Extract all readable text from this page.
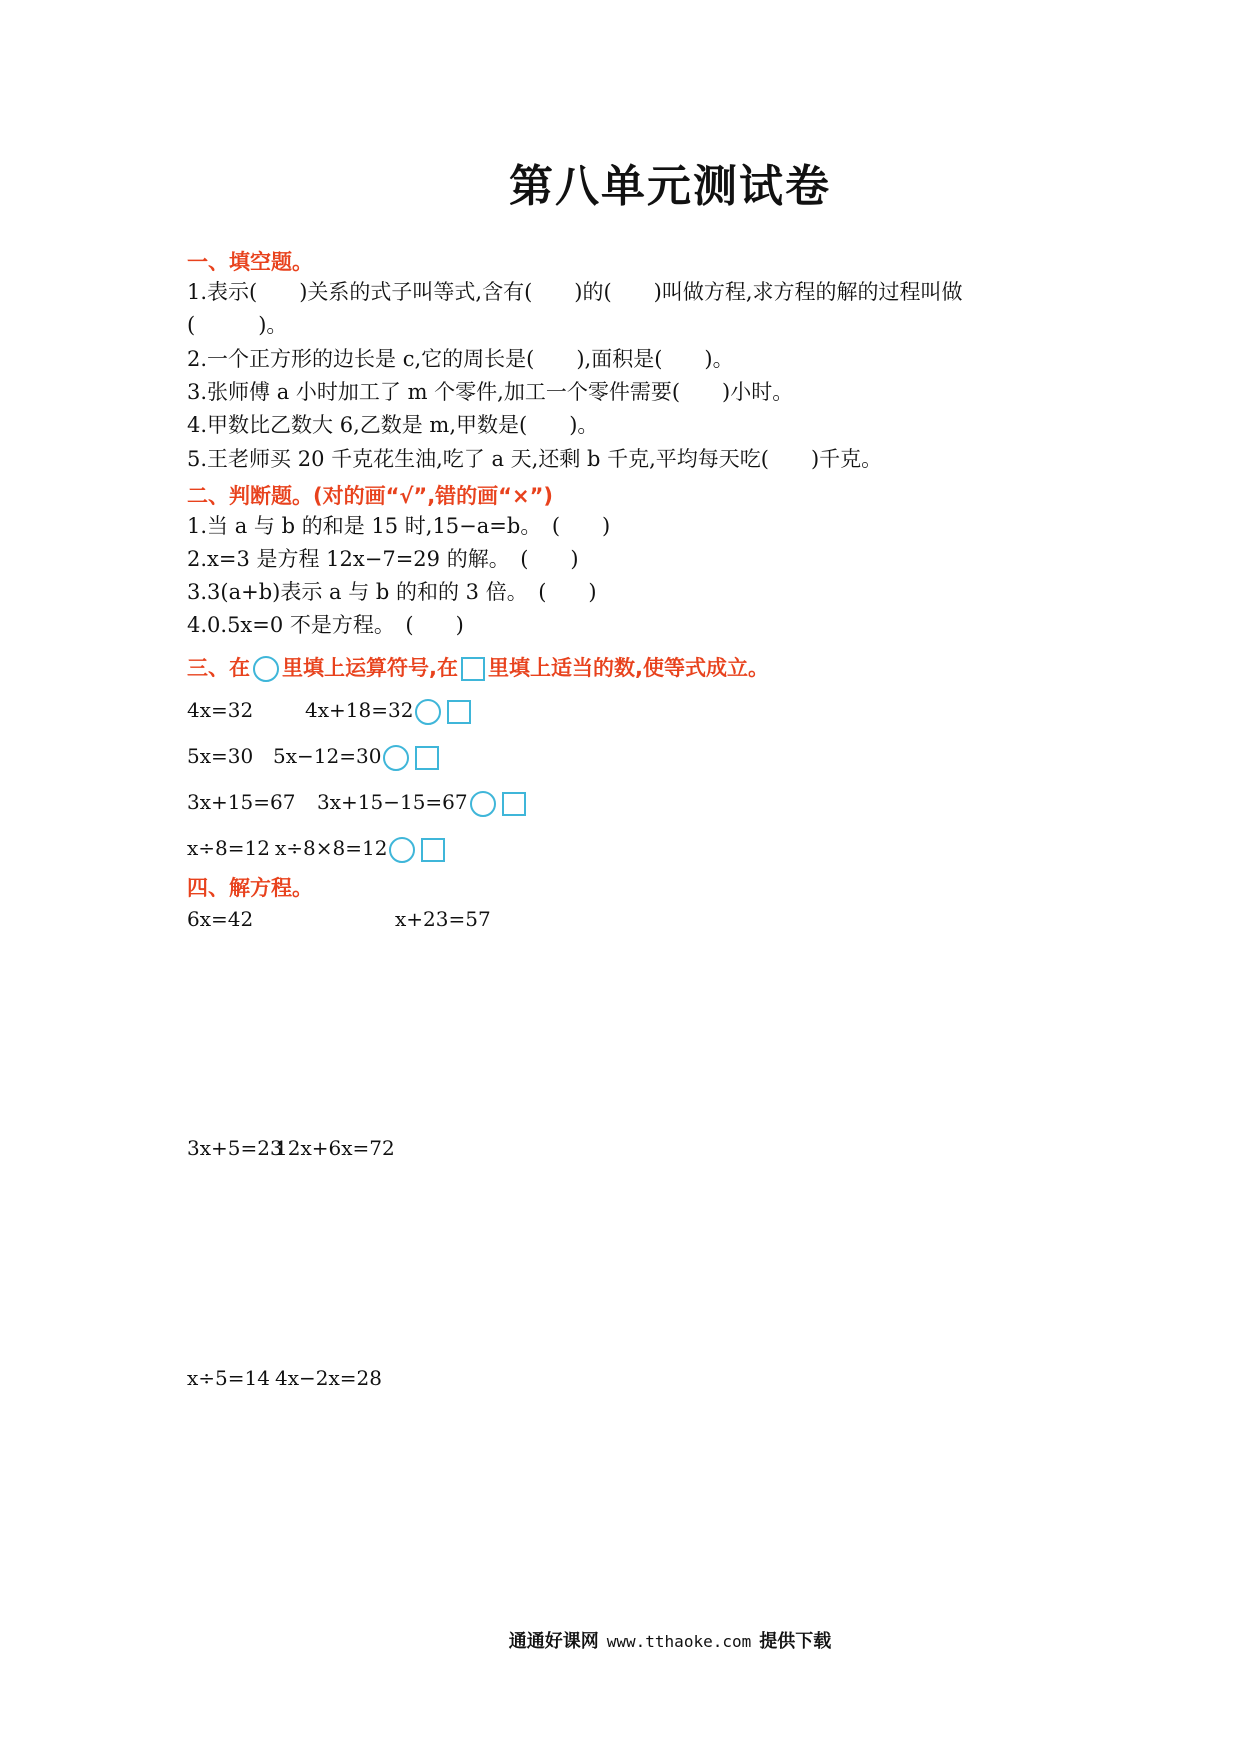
第八单元测试卷
一、填空题。
1.表示(　　)关系的式子叫等式,含有(　　)的(　　)叫做方程,求方程的解的过程叫做
(　　　)。
2.一个正方形的边长是 c,它的周长是(　　),面积是(　　)。
3.张师傅 a 小时加工了 m 个零件,加工一个零件需要(　　)小时。
4.甲数比乙数大 6,乙数是 m,甲数是(　　)。
5.王老师买 20 千克花生油,吃了 a 天,还剩 b 千克,平均每天吃(　　)千克。
二、判断题。(对的画“√”,错的画“×”)
1.当 a 与 b 的和是 15 时,15−a=b。　(　　)
2.x=3 是方程 12x−7=29 的解。　(　　)
3.3(a+b)表示 a 与 b 的和的 3 倍。　(　　)
4.0.5x=0 不是方程。　(　　)
三、在 里填上运算符号,在 里填上适当的数,使等式成立。
4x=32	4x+18=32
5x=30 5x−12=30
3x+15=67 3x+15−15=67
x÷8=12 x÷8×8=12
四、解方程。
6x=42	x+23=57
3x+5=23
12x+6x=72
x÷5=14 4x−2x=28
通通好课网 www.tthaoke.com 提供下载
